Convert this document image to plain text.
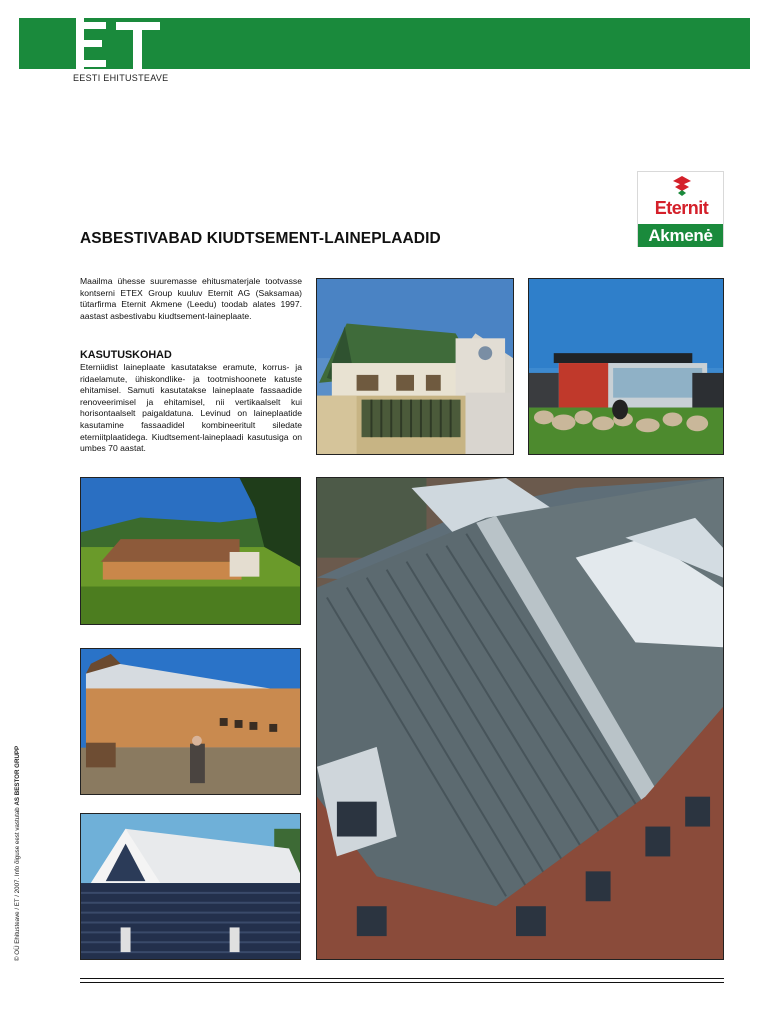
EESTI EHITUSTEAVE
Eternit
Akmenė
ASBESTIVABAD KIUDTSEMENT-LAINEPLAADID

Maailma ühesse suuremasse ehitusmaterjale tootvasse kontserni ETEX Group kuuluv Eternit AG (Saksamaa) tütarfirma Eternit Akmene (Leedu) toodab alates 1997. aastast asbestivabu kiudtsement-laineplaate.

KASUTUSKOHAD

Eterniidist laineplaate kasutatakse eramute, korrus- ja ridaelamute, ühiskondlike- ja tootmishoonete katuste ehitamisel. Samuti kasutatakse laineplaate fassaadide renoveerimisel ja ehitamisel, nii vertikaalselt kui horisontaalselt paigaldatuna. Levinud on laineplaatide kasutamine fassaadidel kombineeritult siledate eterniitplaatidega. Kiudtsement-laineplaadi kasutusiga on umbes 70 aastat.

© OÜ Ehitusteave / ET / 2007. Info õiguse eest vastutab AS BESTOR GRUPP
